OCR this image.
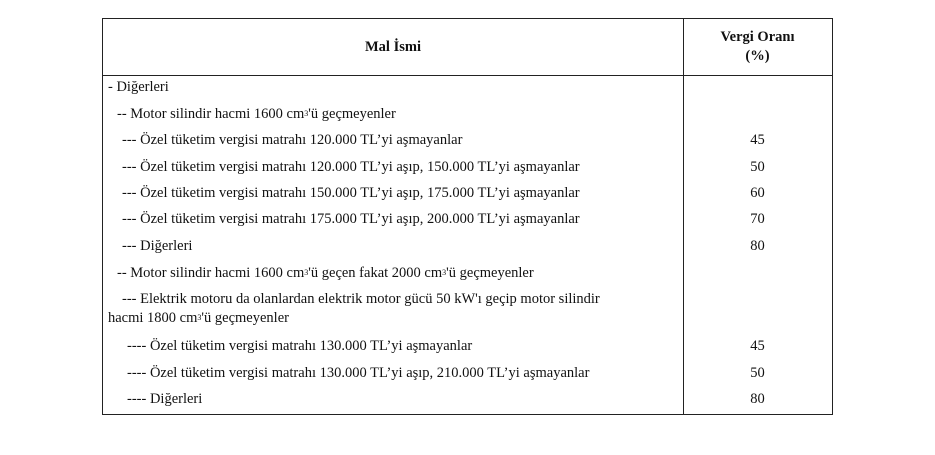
Mal İsmi
Vergi Oranı
(%)
- Diğerleri
-- Motor silindir hacmi 1600 $cm^3'ü$ geçmeyenler
--- Özel tüketim vergisi matrahı 120.000 TL’yi aşmayanlar	45
--- Özel tüketim vergisi matrahı 120.000 TL’yi aşıp, 150.000 TL’yi aşmayanlar	50
--- Özel tüketim vergisi matrahı 150.000 TL’yi aşıp, 175.000 TL’yi aşmayanlar	60
--- Özel tüketim vergisi matrahı 175.000 TL’yi aşıp, 200.000 TL’yi aşmayanlar	70
--- Diğerleri	80
-- Motor silindir hacmi 1600 $cm^3'ü$ geçen fakat 2000 $cm^3'ü$ geçmeyenler
--- Elektrik motoru da olanlardan elektrik motor gücü 50 kW'ı geçip motor silindir
hacmi 1800 $cm^3'ü$ geçmeyenler
---- Özel tüketim vergisi matrahı 130.000 TL’yi aşmayanlar	45
---- Özel tüketim vergisi matrahı 130.000 TL’yi aşıp, 210.000 TL’yi aşmayanlar	50
---- Diğerleri	80
